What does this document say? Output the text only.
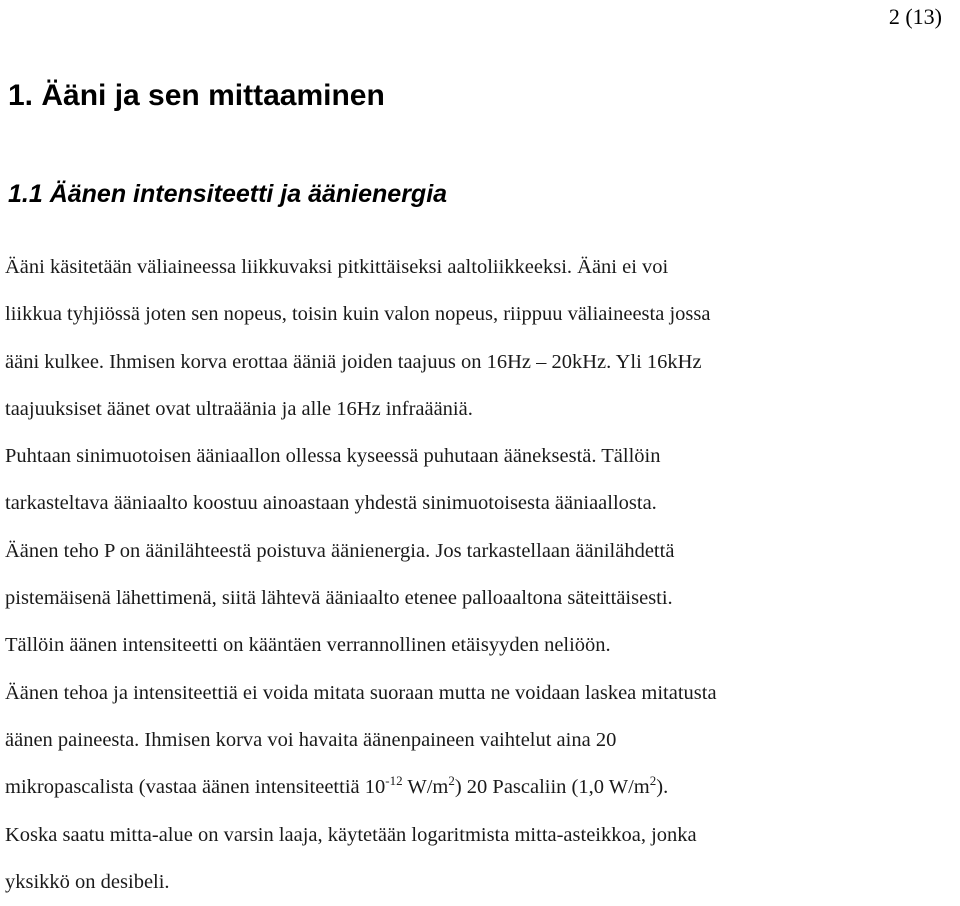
2 (13)
1. Ääni ja sen mittaaminen
1.1 Äänen intensiteetti ja äänienergia
Ääni käsitetään väliaineessa liikkuvaksi pitkittäiseksi aaltoliikkeeksi. Ääni ei voi
liikkua tyhjiössä joten sen nopeus, toisin kuin valon nopeus, riippuu väliaineesta jossa
ääni kulkee. Ihmisen korva erottaa ääniä joiden taajuus on 16Hz – 20kHz. Yli 16kHz
taajuuksiset äänet ovat ultraäänia ja alle 16Hz infraääniä.
Puhtaan sinimuotoisen ääniaallon ollessa kyseessä puhutaan ääneksestä. Tällöin
tarkasteltava ääniaalto koostuu ainoastaan yhdestä sinimuotoisesta ääniaallosta.
Äänen teho P on äänilähteestä poistuva äänienergia. Jos tarkastellaan äänilähdettä
pistemäisenä lähettimenä, siitä lähtevä ääniaalto etenee palloaaltona säteittäisesti.
Tällöin äänen intensiteetti on kääntäen verrannollinen etäisyyden neliöön.
Äänen tehoa ja intensiteettiä ei voida mitata suoraan mutta ne voidaan laskea mitatusta
äänen paineesta. Ihmisen korva voi havaita äänenpaineen vaihtelut aina 20
mikropascalista (vastaa äänen intensiteettiä $10^{-12}$ $W/m^2$) 20 Pascaliin (1,0 $W/m^2$).
Koska saatu mitta-alue on varsin laaja, käytetään logaritmista mitta-asteikkoa, jonka
yksikkö on desibeli.
